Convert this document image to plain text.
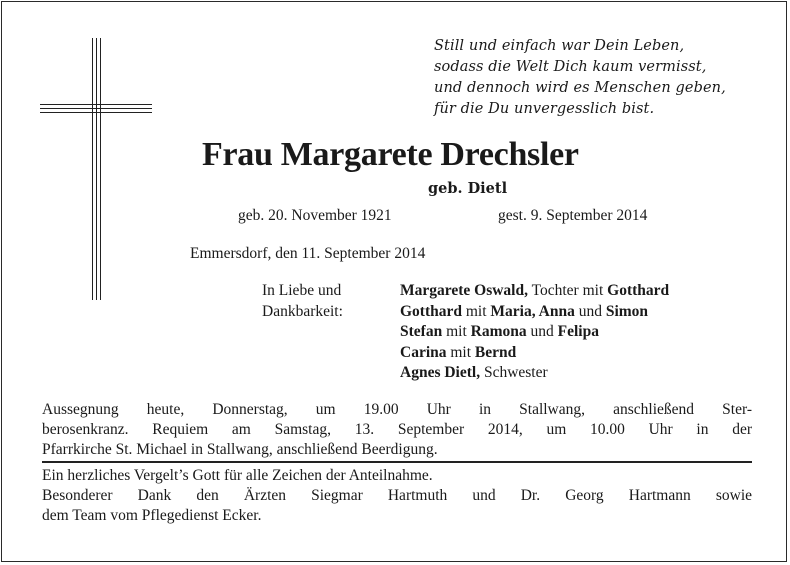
Still und einfach war Dein Leben,
sodass die Welt Dich kaum vermisst,
und dennoch wird es Menschen geben,
für die Du unvergesslich bist.
Frau Margarete Drechsler
geb. Dietl
geb. 20. November 1921	gest. 9. September 2014
Emmersdorf, den 11. September 2014
In Liebe und
Dankbarkeit:
Margarete Oswald, Tochter mit Gotthard
Gotthard mit Maria, Anna und Simon
Stefan mit Ramona und Felipa
Carina mit Bernd
Agnes Dietl, Schwester
Aussegnung heute, Donnerstag, um 19.00 Uhr in Stallwang, anschließend Ster-
berosenkranz. Requiem am Samstag, 13. September 2014, um 10.00 Uhr in der
Pfarrkirche St. Michael in Stallwang, anschließend Beerdigung.
Ein herzliches Vergelt’s Gott für alle Zeichen der Anteilnahme.
Besonderer Dank den Ärzten Siegmar Hartmuth und Dr. Georg Hartmann sowie
dem Team vom Pflegedienst Ecker.
